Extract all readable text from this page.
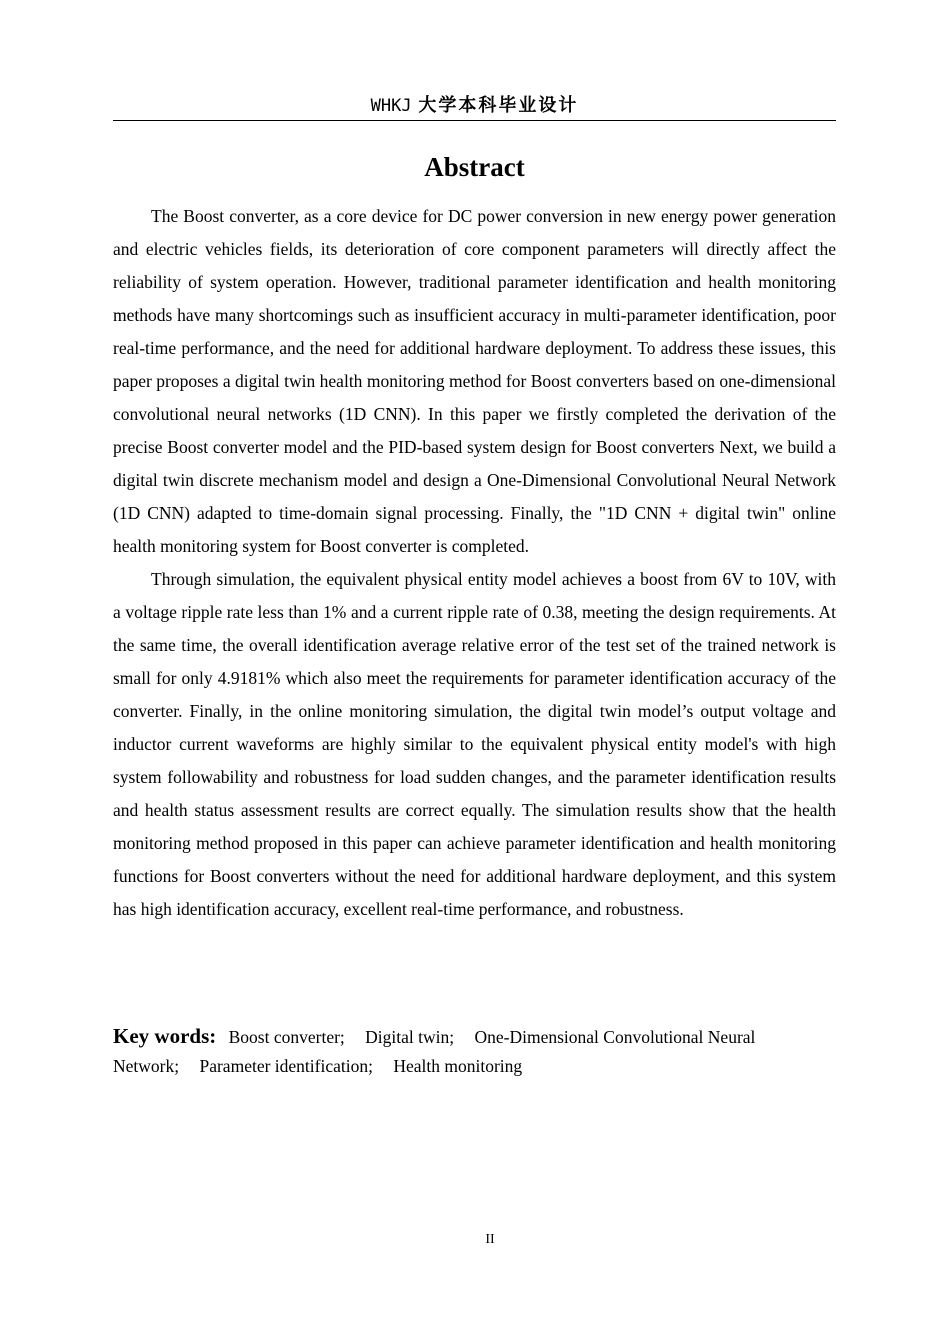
WHKJ 大学本科毕业设计
Abstract

The Boost converter, as a core device for DC power conversion in new energy power generation and electric vehicles fields, its deterioration of core component parameters will directly affect the reliability of system operation. However, traditional parameter identification and health monitoring methods have many shortcomings such as insufficient accuracy in multi-parameter identification, poor real-time performance, and the need for additional hardware deployment. To address these issues, this paper proposes a digital twin health monitoring method for Boost converters based on one-dimensional convolutional neural networks (1D CNN). In this paper we firstly completed the derivation of the precise Boost converter model and the PID-based system design for Boost converters Next, we build a digital twin discrete mechanism model and design a One-Dimensional Convolutional Neural Network (1D CNN) adapted to time-domain signal processing. Finally, the "1D CNN + digital twin" online health monitoring system for Boost converter is completed.

Through simulation, the equivalent physical entity model achieves a boost from 6V to 10V, with a voltage ripple rate less than 1% and a current ripple rate of 0.38, meeting the design requirements. At the same time, the overall identification average relative error of the test set of the trained network is small for only 4.9181% which also meet the requirements for parameter identification accuracy of the converter. Finally, in the online monitoring simulation, the digital twin model’s output voltage and inductor current waveforms are highly similar to the equivalent physical entity model's with high system followability and robustness for load sudden changes, and the parameter identification results and health status assessment results are correct equally. The simulation results show that the health monitoring method proposed in this paper can achieve parameter identification and health monitoring functions for Boost converters without the need for additional hardware deployment, and this system has high identification accuracy, excellent real-time performance, and robustness.

Key words: Boost converter; Digital twin; One-Dimensional Convolutional Neural Network; Parameter identification; Health monitoring
II
